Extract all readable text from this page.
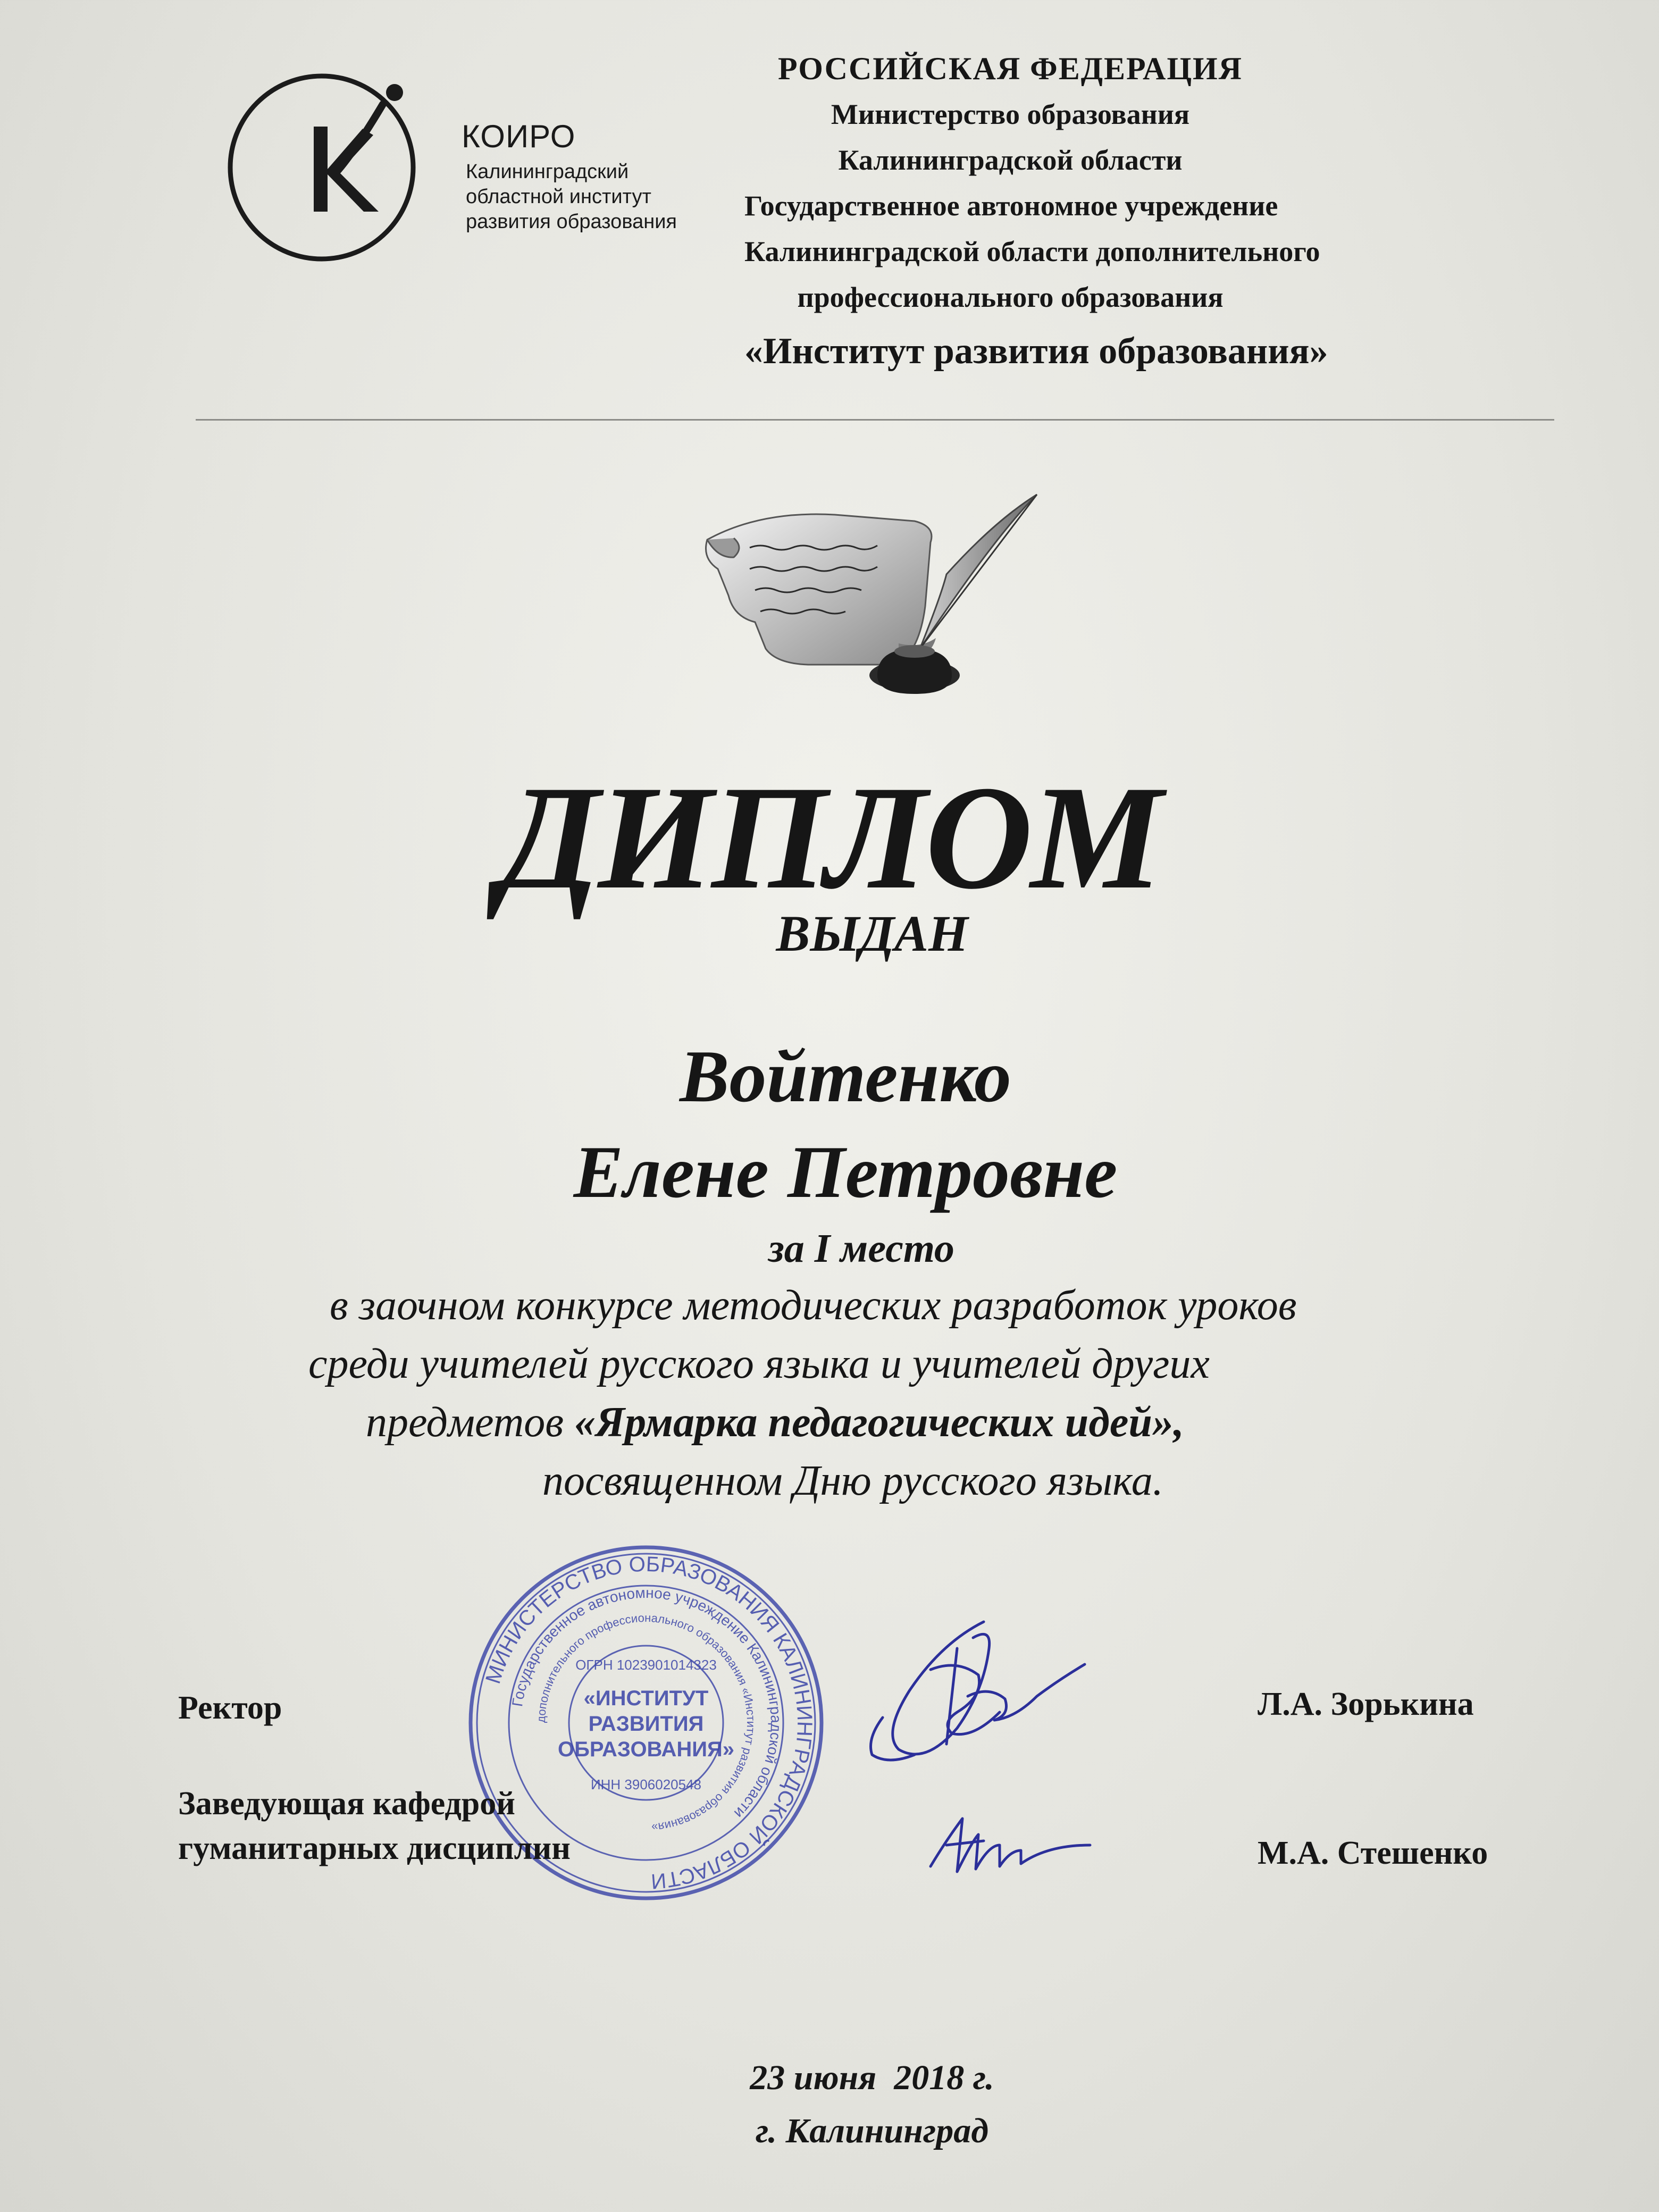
КОИРО
Калининградский
областной институт
развития образования
РОССИЙСКАЯ ФЕДЕРАЦИЯ
Министерство образования
Калининградской области
Государственное автономное учреждение
Калининградской области дополнительного
профессионального образования
«Институт развития образования»
ДИПЛОМ
ВЫДАН
Войтенко
Елене Петровне
за I место
в заочном конкурсе методических разработок уроков
среди учителей русского языка и учителей других
предметов «Ярмарка педагогических идей»,
посвященном Дню русского языка.
МИНИСТЕРСТВО ОБРАЗОВАНИЯ КАЛИНИНГРАДСКОЙ ОБЛАСТИ
Государственное автономное учреждение Калининградской области
дополнительного профессионального образования «Институт развития образования»
ОГРН 1023901014323
«ИНСТИТУТ
РАЗВИТИЯ
ОБРАЗОВАНИЯ»
ИНН 3906020548
Ректор	Л.А. Зорькина
Заведующая кафедрой
гуманитарных дисциплин	М.А. Стешенко
23 июня  2018 г.
г. Калининград
